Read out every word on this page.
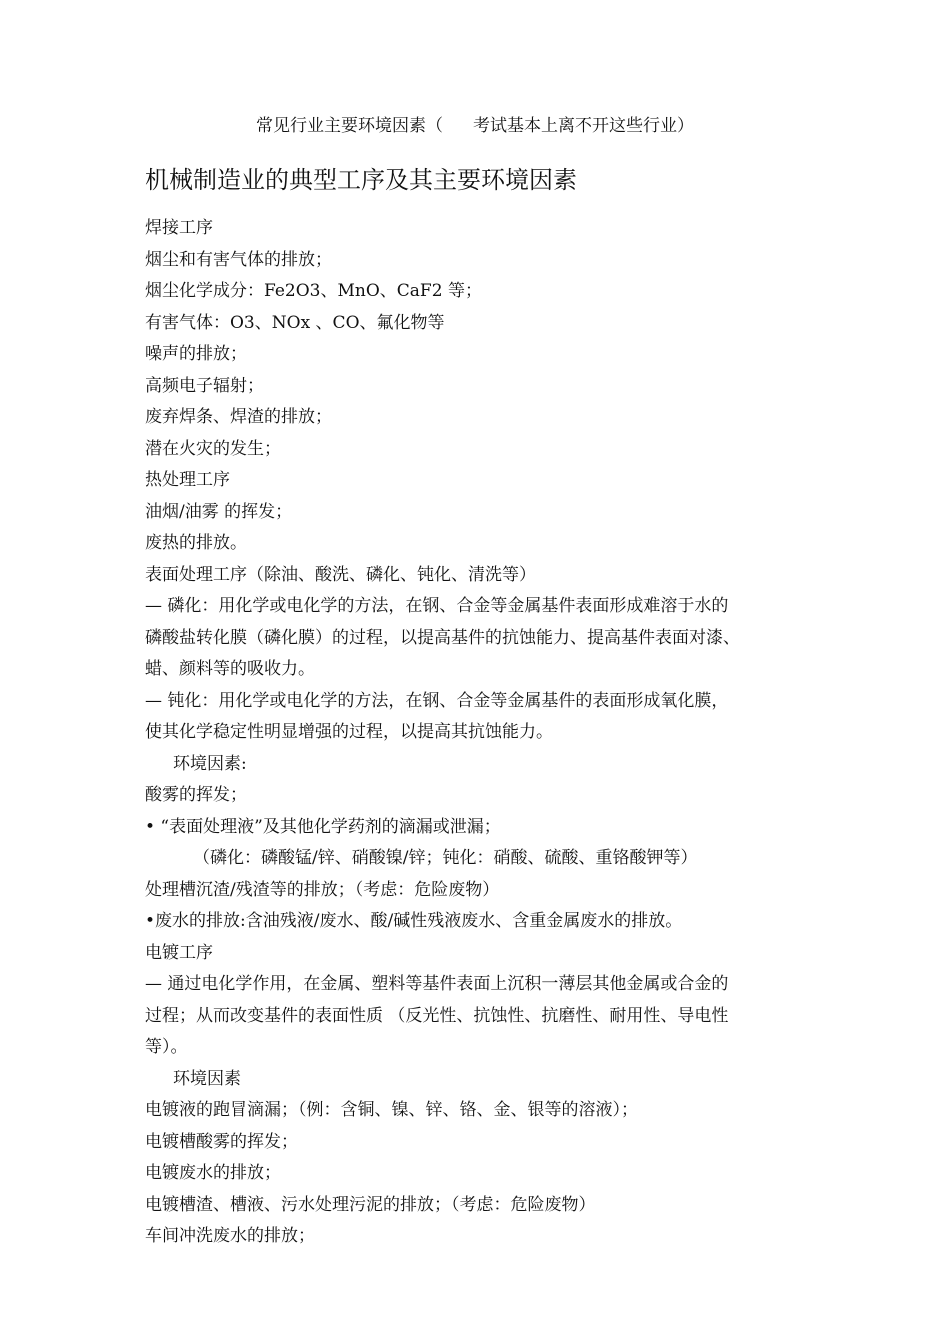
常见行业主要环境因素（ 考试基本上离不开这些行业）
机械制造业的典型工序及其主要环境因素
焊接工序
烟尘和有害气体的排放；
烟尘化学成分：Fe2O3、MnO、CaF2 等；
有害气体：O3、NOx 、CO、氟化物等
噪声的排放；
高频电子辐射；
废弃焊条、焊渣的排放；
潜在火灾的发生；
热处理工序
油烟/油雾 的挥发；
废热的排放。
表面处理工序（除油、酸洗、磷化、钝化、清洗等）
— 磷化：用化学或电化学的方法，在钢、合金等金属基件表面形成难溶于水的
磷酸盐转化膜（磷化膜）的过程，以提高基件的抗蚀能力、提高基件表面对漆、
蜡、颜料等的吸收力。
— 钝化：用化学或电化学的方法，在钢、合金等金属基件的表面形成氧化膜，
使其化学稳定性明显增强的过程，以提高其抗蚀能力。
环境因素:
酸雾的挥发；
• “表面处理液”及其他化学药剂的滴漏或泄漏；
（磷化：磷酸锰/锌、硝酸镍/锌；钝化：硝酸、硫酸、重铬酸钾等）
处理槽沉渣/残渣等的排放；（考虑：危险废物）
•废水的排放:含油残液/废水、酸/碱性残液废水、含重金属废水的排放。
电镀工序
— 通过电化学作用，在金属、塑料等基件表面上沉积一薄层其他金属或合金的
过程；从而改变基件的表面性质 （反光性、抗蚀性、抗磨性、耐用性、导电性
等）。
环境因素
电镀液的跑冒滴漏；（例：含铜、镍、锌、铬、金、银等的溶液）；
电镀槽酸雾的挥发；
电镀废水的排放；
电镀槽渣、槽液、污水处理污泥的排放；（考虑：危险废物）
车间冲洗废水的排放；
